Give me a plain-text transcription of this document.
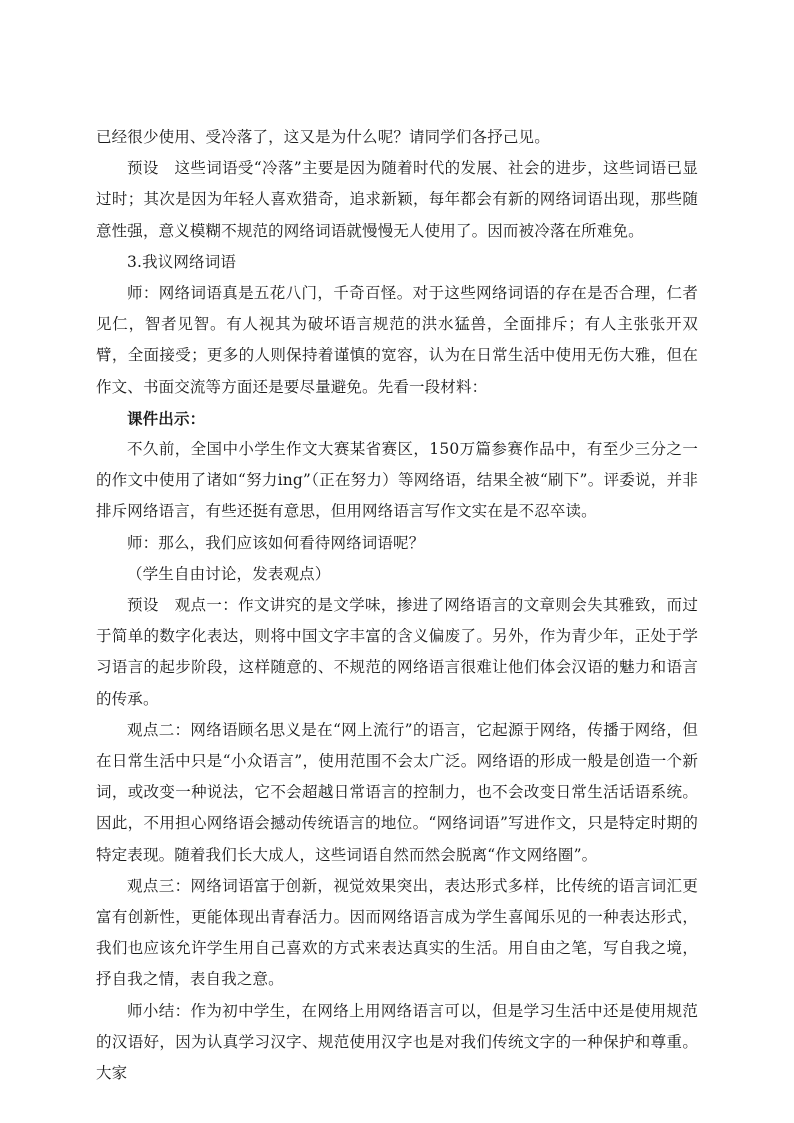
已经很少使用、受冷落了，这又是为什么呢？请同学们各抒己见。

预设　这些词语受“冷落”主要是因为随着时代的发展、社会的进步，这些词语已显过时；其次是因为年轻人喜欢猎奇，追求新颖，每年都会有新的网络词语出现，那些随意性强，意义模糊不规范的网络词语就慢慢无人使用了。因而被冷落在所难免。

3.我议网络词语

师：网络词语真是五花八门，千奇百怪。对于这些网络词语的存在是否合理，仁者见仁，智者见智。有人视其为破坏语言规范的洪水猛兽，全面排斥；有人主张张开双臂，全面接受；更多的人则保持着谨慎的宽容，认为在日常生活中使用无伤大雅，但在作文、书面交流等方面还是要尽量避免。先看一段材料：

课件出示：

不久前，全国中小学生作文大赛某省赛区，150万篇参赛作品中，有至少三分之一的作文中使用了诸如“努力ing”（正在努力）等网络语，结果全被“刷下”。评委说，并非排斥网络语言，有些还挺有意思，但用网络语言写作文实在是不忍卒读。

师：那么，我们应该如何看待网络词语呢？

（学生自由讨论，发表观点）

预设　观点一：作文讲究的是文学味，掺进了网络语言的文章则会失其雅致，而过于简单的数字化表达，则将中国文字丰富的含义偏废了。另外，作为青少年，正处于学习语言的起步阶段，这样随意的、不规范的网络语言很难让他们体会汉语的魅力和语言的传承。

观点二：网络语顾名思义是在“网上流行”的语言，它起源于网络，传播于网络，但在日常生活中只是“小众语言”，使用范围不会太广泛。网络语的形成一般是创造一个新词，或改变一种说法，它不会超越日常语言的控制力，也不会改变日常生活话语系统。因此，不用担心网络语会撼动传统语言的地位。“网络词语”写进作文，只是特定时期的特定表现。随着我们长大成人，这些词语自然而然会脱离“作文网络圈”。

观点三：网络词语富于创新，视觉效果突出，表达形式多样，比传统的语言词汇更富有创新性，更能体现出青春活力。因而网络语言成为学生喜闻乐见的一种表达形式，我们也应该允许学生用自己喜欢的方式来表达真实的生活。用自由之笔，写自我之境，抒自我之情，表自我之意。

师小结：作为初中学生，在网络上用网络语言可以，但是学习生活中还是使用规范的汉语好，因为认真学习汉字、规范使用汉字也是对我们传统文字的一种保护和尊重。大家
